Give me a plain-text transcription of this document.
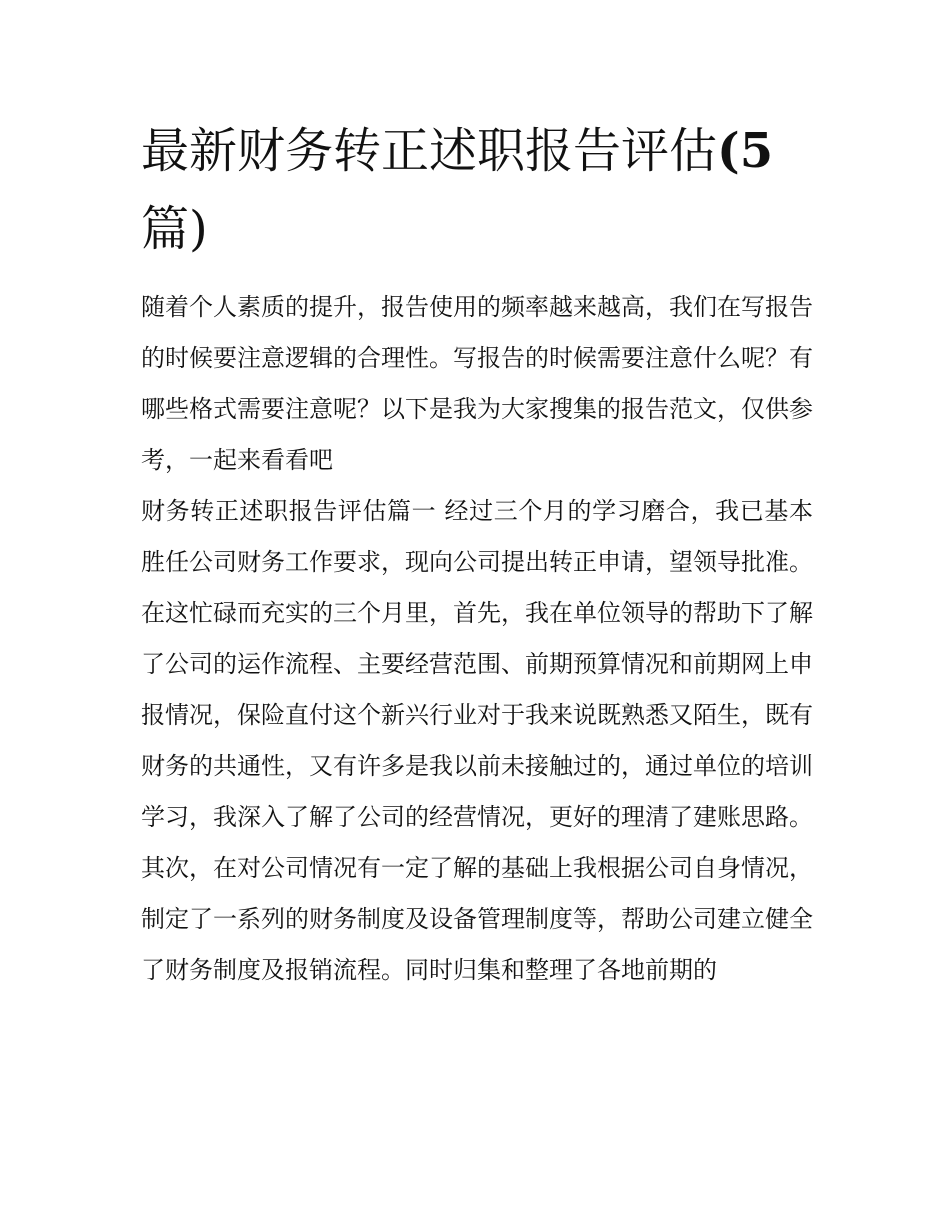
最新财务转正述职报告评估(5
篇)

随着个人素质的提升，报告使用的频率越来越高，我们在写报告的时候要注意逻辑的合理性。写报告的时候需要注意什么呢？有哪些格式需要注意呢？以下是我为大家搜集的报告范文，仅供参考，一起来看看吧

财务转正述职报告评估篇一 经过三个月的学习磨合，我已基本胜任公司财务工作要求，现向公司提出转正申请，望领导批准。

在这忙碌而充实的三个月里，首先，我在单位领导的帮助下了解了公司的运作流程、主要经营范围、前期预算情况和前期网上申报情况，保险直付这个新兴行业对于我来说既熟悉又陌生，既有财务的共通性，又有许多是我以前未接触过的，通过单位的培训学习，我深入了解了公司的经营情况，更好的理清了建账思路。

其次，在对公司情况有一定了解的基础上我根据公司自身情况，制定了一系列的财务制度及设备管理制度等，帮助公司建立健全了财务制度及报销流程。同时归集和整理了各地前期的
